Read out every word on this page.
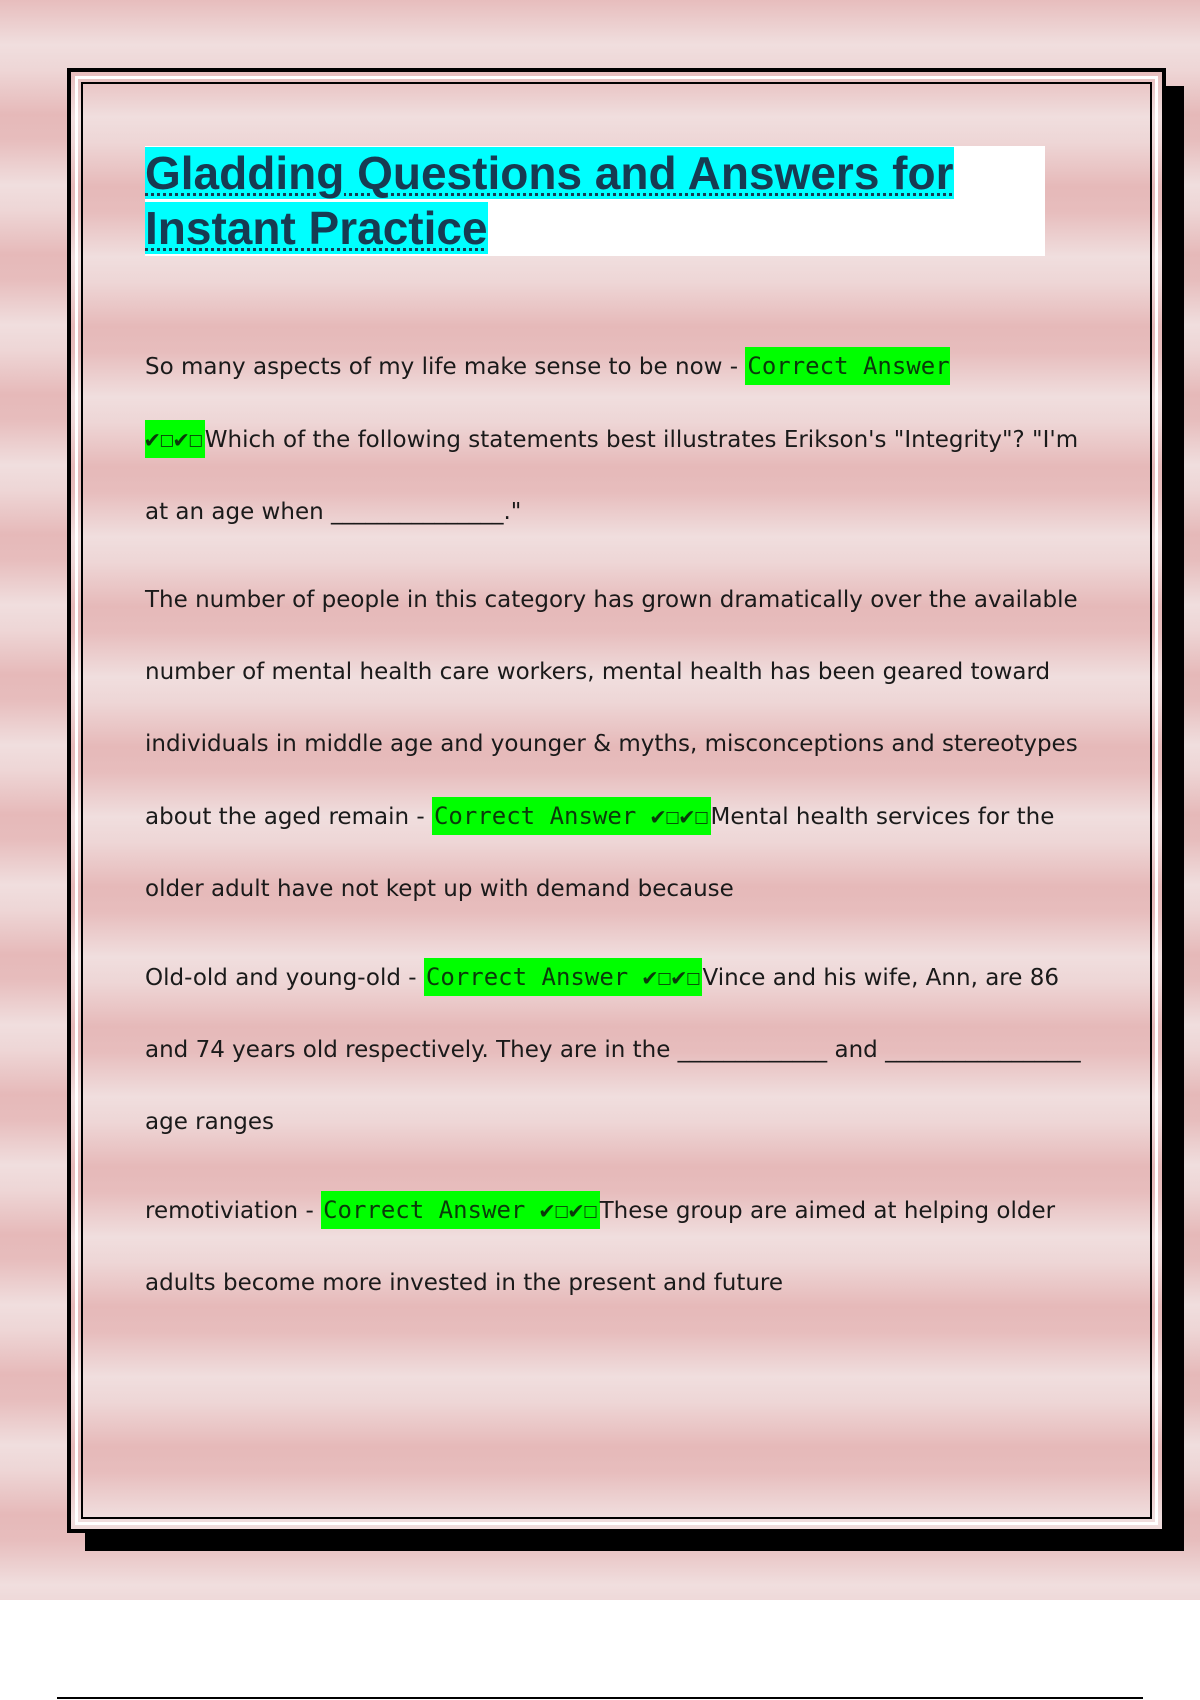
Gladding Questions and Answers for Instant Practice

So many aspects of my life make sense to be now - Correct Answer ✔☐✔☐Which of the following statements best illustrates Erikson's "Integrity"? "I'm at an age when _______________."

The number of people in this category has grown dramatically over the available number of mental health care workers, mental health has been geared toward individuals in middle age and younger & myths, misconceptions and stereotypes about the aged remain - Correct Answer ✔☐✔☐Mental health services for the older adult have not kept up with demand because

Old-old and young-old - Correct Answer ✔☐✔☐Vince and his wife, Ann, are 86 and 74 years old respectively. They are in the _____________ and _________________ age ranges

remotiviation - Correct Answer ✔☐✔☐These group are aimed at helping older adults become more invested in the present and future
